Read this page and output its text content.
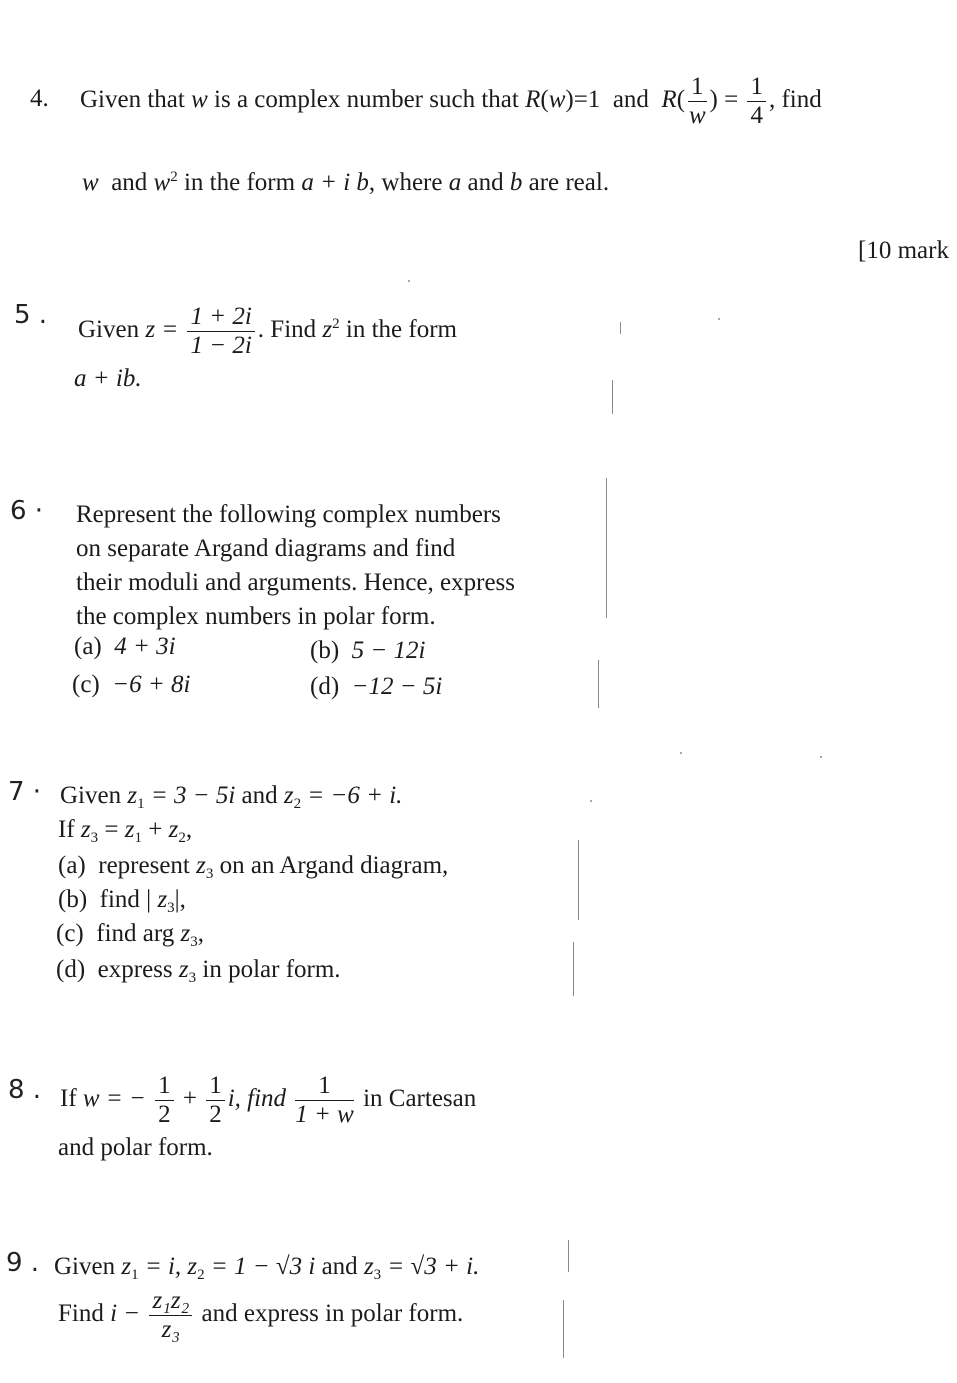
4. Given that w is a complex number such that R(w)=1 and $R( \frac{1}{w}$ ) = $\frac{1}{4}$ , find
w and $w^2$ in the form a + i b, where a and b are real.
[10 mark
5 . Given $z = \frac{1 + 2i}{1 - 2i}$ . Find $z^2$ in the form
a + ib.
6 · Represent the following complex numbers
on separate Argand diagrams and find
their moduli and arguments. Hence, express
the complex numbers in polar form.
(a) 4 + 3i	(b) 5 − 12i
(c) −6 + 8i	(d) −12 − 5i
7 · Given $z_1 = 3 - 5i$ and $z_2 = -6 + i$.
If $z_3 = z_1 + z_2$,
(a) represent $z_3$ on an Argand diagram,
(b) find | $z_3|$,
(c) find arg $z_3$,
(d) express $z_3$ in polar form.
8 . If w = − $\frac{1}{2} + \frac{1}{2} i$, find $\frac{1}{1 + w}$ in Cartesan
and polar form.
9 . Given $z_1 = i$, $z_2 = 1 - √3$ i and $z_3 = √3 + i$.
Find $i - \frac{\text{z₁z₂}}{\text{z₃}}$ and express in polar form.
